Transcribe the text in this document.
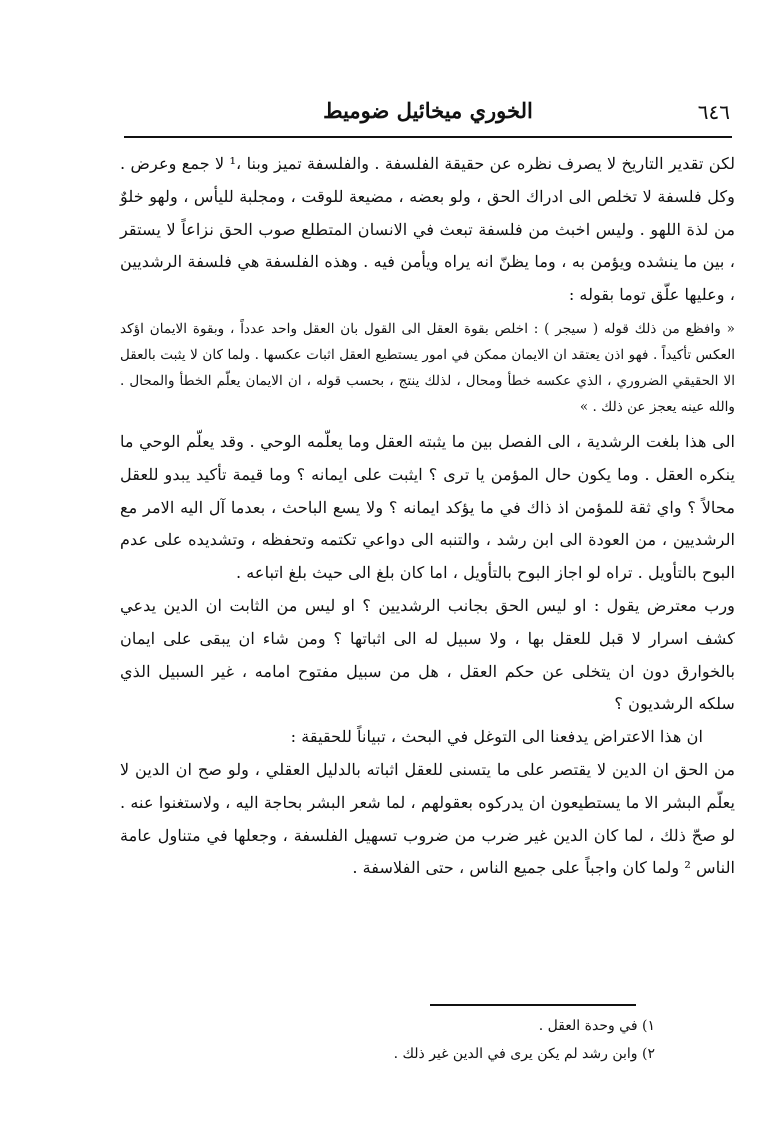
٦٤٦
الخوري ميخائيل ضوميط

لكن تقدير التاريخ لا يصرف نظره عن حقيقة الفلسفة . والفلسفة تميز وبنا ،¹ لا جمع وعرض . وكل فلسفة لا تخلص الى ادراك الحق ، ولو بعضه ، مضيعة للوقت ، ومجلبة لليأس ، ولهو خلوٌ من لذة اللهو . وليس اخبث من فلسفة تبعث في الانسان المتطلع صوب الحق نزاعاً لا يستقر ، بين ما ينشده ويؤمن به ، وما يظنّ انه يراه ويأمن فيه . وهذه الفلسفة هي فلسفة الرشديين ، وعليها علّق توما بقوله :

« وافظع من ذلك قوله ( سيجر ) : اخلص بقوة العقل الى القول بان العقل واحد عدداً ، وبقوة الايمان اؤكد العكس تأكيداً . فهو اذن يعتقد ان الايمان ممكن في امور يستطيع العقل اثبات عكسها . ولما كان لا يثبت بالعقل الا الحقيقي الضروري ، الذي عكسه خطأ ومحال ، لذلك ينتج ، بحسب قوله ، ان الايمان يعلّم الخطأ والمحال . والله عينه يعجز عن ذلك . »

الى هذا بلغت الرشدية ، الى الفصل بين ما يثبته العقل وما يعلّمه الوحي . وقد يعلّم الوحي ما ينكره العقل . وما يكون حال المؤمن يا ترى ؟ ايثبت على ايمانه ؟ وما قيمة تأكيد يبدو للعقل محالاً ؟ واي ثقة للمؤمن اذ ذاك في ما يؤكد ايمانه ؟ ولا يسع الباحث ، بعدما آل اليه الامر مع الرشديين ، من العودة الى ابن رشد ، والتنبه الى دواعي تكتمه وتحفظه ، وتشديده على عدم البوح بالتأويل . تراه لو اجاز البوح بالتأويل ، اما كان بلغ الى حيث بلغ اتباعه .

ورب معترض يقول : او ليس الحق بجانب الرشديين ؟ او ليس من الثابت ان الدين يدعي كشف اسرار لا قبل للعقل بها ، ولا سبيل له الى اثباتها ؟ ومن شاء ان يبقى على ايمان بالخوارق دون ان يتخلى عن حكم العقل ، هل من سبيل مفتوح امامه ، غير السبيل الذي سلكه الرشديون ؟

ان هذا الاعتراض يدفعنا الى التوغل في البحث ، تبياناً للحقيقة :

من الحق ان الدين لا يقتصر على ما يتسنى للعقل اثباته بالدليل العقلي ، ولو صح ان الدين لا يعلّم البشر الا ما يستطيعون ان يدركوه بعقولهم ، لما شعر البشر بحاجة اليه ، ولاستغنوا عنه . لو صحّ ذلك ، لما كان الدين غير ضرب من ضروب تسهيل الفلسفة ، وجعلها في متناول عامة الناس ² ولما كان واجباً على جميع الناس ، حتى الفلاسفة .

١) في وحدة العقل .
٢) وابن رشد لم يكن يرى في الدين غير ذلك .
